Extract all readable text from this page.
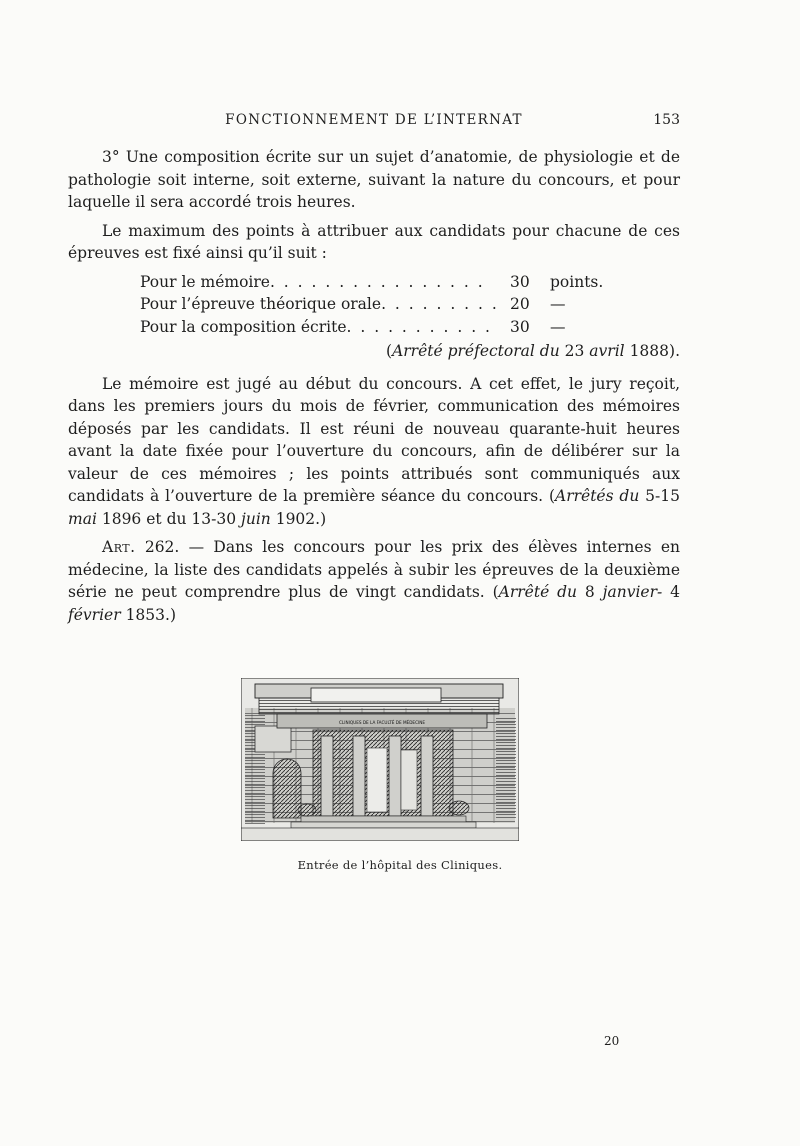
FONCTIONNEMENT DE L’INTERNAT	153

3° Une composition écrite sur un sujet d’anatomie, de physiologie et de pathologie soit interne, soit externe, suivant la nature du concours, et pour laquelle il sera accordé trois heures.

Le maximum des points à attribuer aux candidats pour chacune de ces épreuves est fixé ainsi qu’il suit :

Pour le mémoire. . . . . . . . . . . . . . . .	30	points.
Pour l’épreuve théorique orale. . . . . . . . .	20	—
Pour la composition écrite. . . . . . . . . . .	30	—
(Arrêté préfectoral du 23 avril 1888).

Le mémoire est jugé au début du concours. A cet effet, le jury reçoit, dans les premiers jours du mois de février, communication des mémoires déposés par les candidats. Il est réuni de nouveau quarante-huit heures avant la date fixée pour l’ouverture du concours, afin de délibérer sur la valeur de ces mémoires ; les points attribués sont communiqués aux candidats à l’ouverture de la première séance du concours. (Arrêtés du 5-15 mai 1896 et du 13-30 juin 1902.)

Art. 262. — Dans les concours pour les prix des élèves internes en médecine, la liste des candidats appelés à subir les épreuves de la deuxième série ne peut comprendre plus de vingt candidats. (Arrêté du 8 janvier- 4 février 1853.)

CLINIQUES DE LA FACULTÉ DE MÉDECINE
Entrée de l’hôpital des Cliniques.
20
